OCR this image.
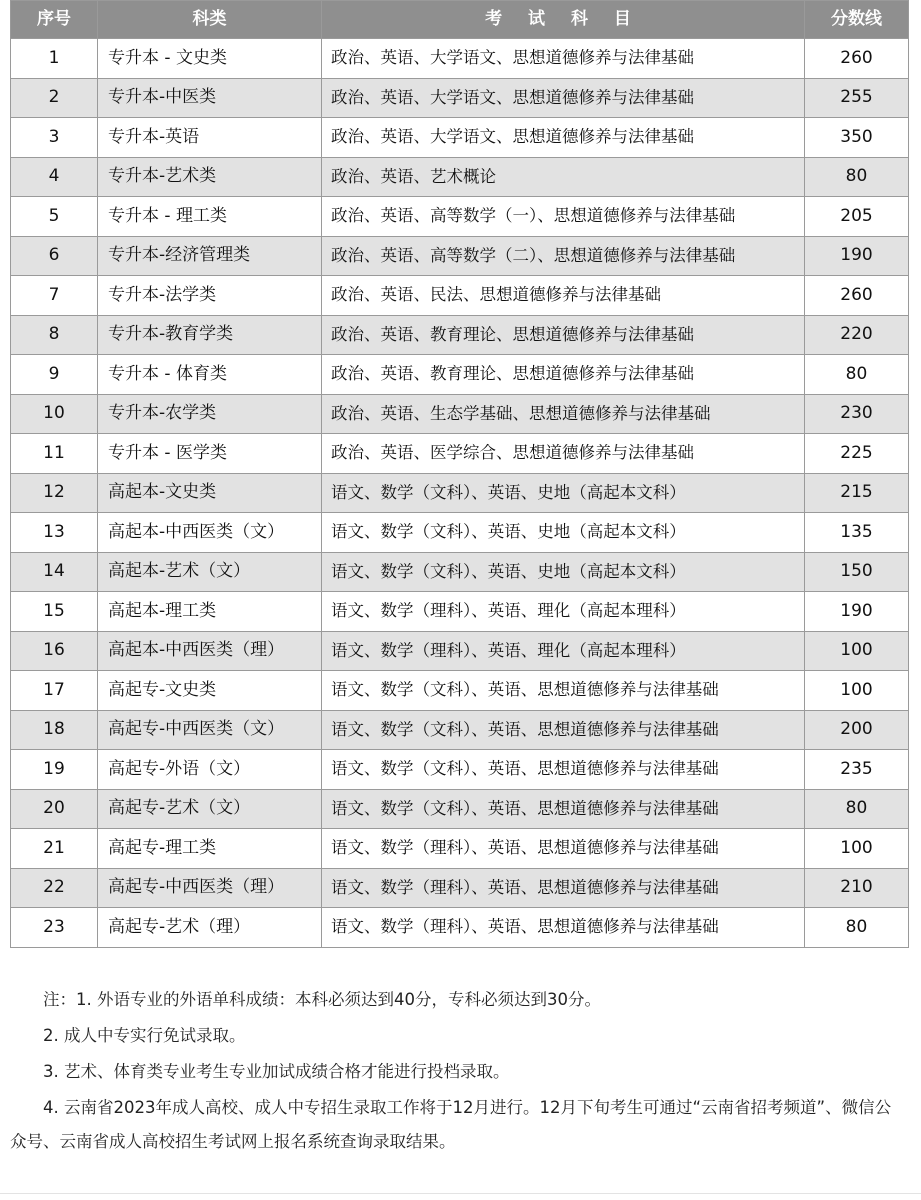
序号	科类	考 试 科 目	分数线
1	专升本 - 文史类	政治、英语、大学语文、思想道德修养与法律基础	260
2	专升本-中医类	政治、英语、大学语文、思想道德修养与法律基础	255
3	专升本-英语	政治、英语、大学语文、思想道德修养与法律基础	350
4	专升本-艺术类	政治、英语、艺术概论	80
5	专升本 - 理工类	政治、英语、高等数学（一）、思想道德修养与法律基础	205
6	专升本-经济管理类	政治、英语、高等数学（二）、思想道德修养与法律基础	190
7	专升本-法学类	政治、英语、民法、思想道德修养与法律基础	260
8	专升本-教育学类	政治、英语、教育理论、思想道德修养与法律基础	220
9	专升本 - 体育类	政治、英语、教育理论、思想道德修养与法律基础	80
10	专升本-农学类	政治、英语、生态学基础、思想道德修养与法律基础	230
11	专升本 - 医学类	政治、英语、医学综合、思想道德修养与法律基础	225
12	高起本-文史类	语文、数学（文科）、英语、史地（高起本文科）	215
13	高起本-中西医类（文）	语文、数学（文科）、英语、史地（高起本文科）	135
14	高起本-艺术（文）	语文、数学（文科）、英语、史地（高起本文科）	150
15	高起本-理工类	语文、数学（理科）、英语、理化（高起本理科）	190
16	高起本-中西医类（理）	语文、数学（理科）、英语、理化（高起本理科）	100
17	高起专-文史类	语文、数学（文科）、英语、思想道德修养与法律基础	100
18	高起专-中西医类（文）	语文、数学（文科）、英语、思想道德修养与法律基础	200
19	高起专-外语（文）	语文、数学（文科）、英语、思想道德修养与法律基础	235
20	高起专-艺术（文）	语文、数学（文科）、英语、思想道德修养与法律基础	80
21	高起专-理工类	语文、数学（理科）、英语、思想道德修养与法律基础	100
22	高起专-中西医类（理）	语文、数学（理科）、英语、思想道德修养与法律基础	210
23	高起专-艺术（理）	语文、数学（理科）、英语、思想道德修养与法律基础	80

注：1. 外语专业的外语单科成绩：本科必须达到40分，专科必须达到30分。

2. 成人中专实行免试录取。

3. 艺术、体育类专业考生专业加试成绩合格才能进行投档录取。

4. 云南省2023年成人高校、成人中专招生录取工作将于12月进行。12月下旬考生可通过“云南省招考频道”、微信公众号、云南省成人高校招生考试网上报名系统查询录取结果。
